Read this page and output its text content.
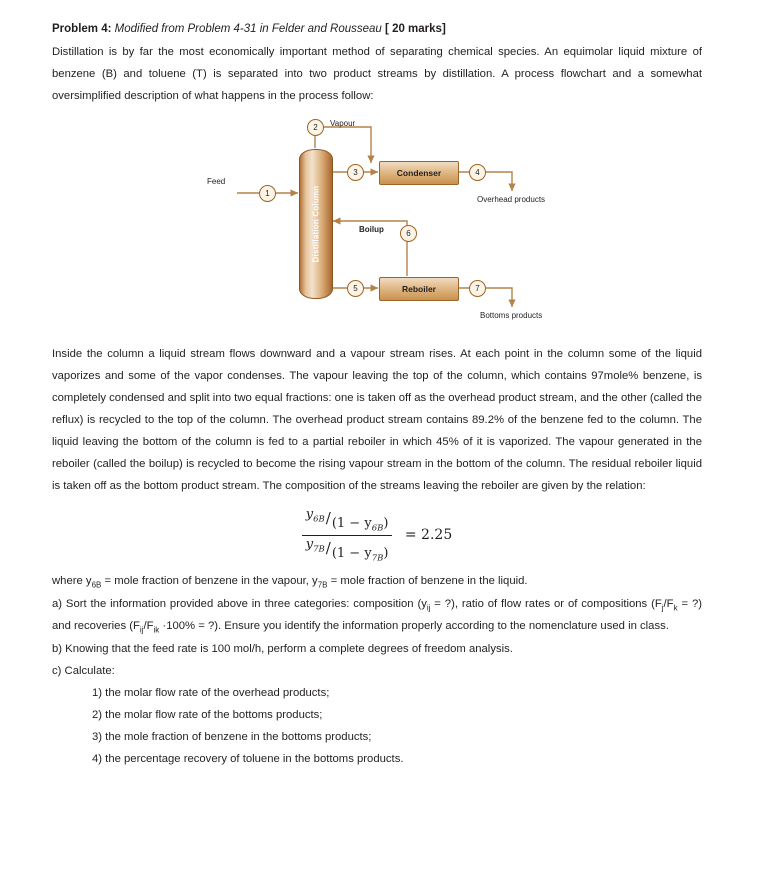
Problem 4: Modified from Problem 4-31 in Felder and Rousseau [ 20 marks]

Distillation is by far the most economically important method of separating chemical species. An equimolar liquid mixture of benzene (B) and toluene (T) is separated into two product streams by distillation. A process flowchart and a somewhat oversimplified description of what happens in the process follow:

Distillation Column
Condenser
Reboiler
1
2
3	4
5
6
7
Feed
Vapour
Boilup
Overhead products
Bottoms products

Inside the column a liquid stream flows downward and a vapour stream rises. At each point in the column some of the liquid vaporizes and some of the vapor condenses. The vapour leaving the top of the column, which contains 97mole% benzene, is completely condensed and split into two equal fractions: one is taken off as the overhead product stream, and the other (called the reflux) is recycled to the top of the column. The overhead product stream contains 89.2% of the benzene fed to the column. The liquid leaving the bottom of the column is fed to a partial reboiler in which 45% of it is vaporized. The vapour generated in the reboiler (called the boilup) is recycled to become the rising vapour stream in the bottom of the column. The residual reboiler liquid is taken off as the bottom product stream. The composition of the streams leaving the reboiler are given by the relation:

$\frac{y_{6B}/(1 - y_{6B})}{y_{7B}/(1 - y_{7B})} = 2.25$

where $y_{6B}$ = mole fraction of benzene in the vapour, $y_{7B}$ = mole fraction of benzene in the liquid.

a) Sort the information provided above in three categories: composition ($y_{ij}$ = ?), ratio of flow rates or of compositions ($F_j/F_k$ = ?) and recoveries ($F_{ij}/F_{ik} \cdot 100\%$ = ?). Ensure you identify the information properly according to the nomenclature used in class.

b) Knowing that the feed rate is 100 mol/h, perform a complete degrees of freedom analysis.

c) Calculate:

1) the molar flow rate of the overhead products;

2) the molar flow rate of the bottoms products;

3) the mole fraction of benzene in the bottoms products;

4) the percentage recovery of toluene in the bottoms products.
